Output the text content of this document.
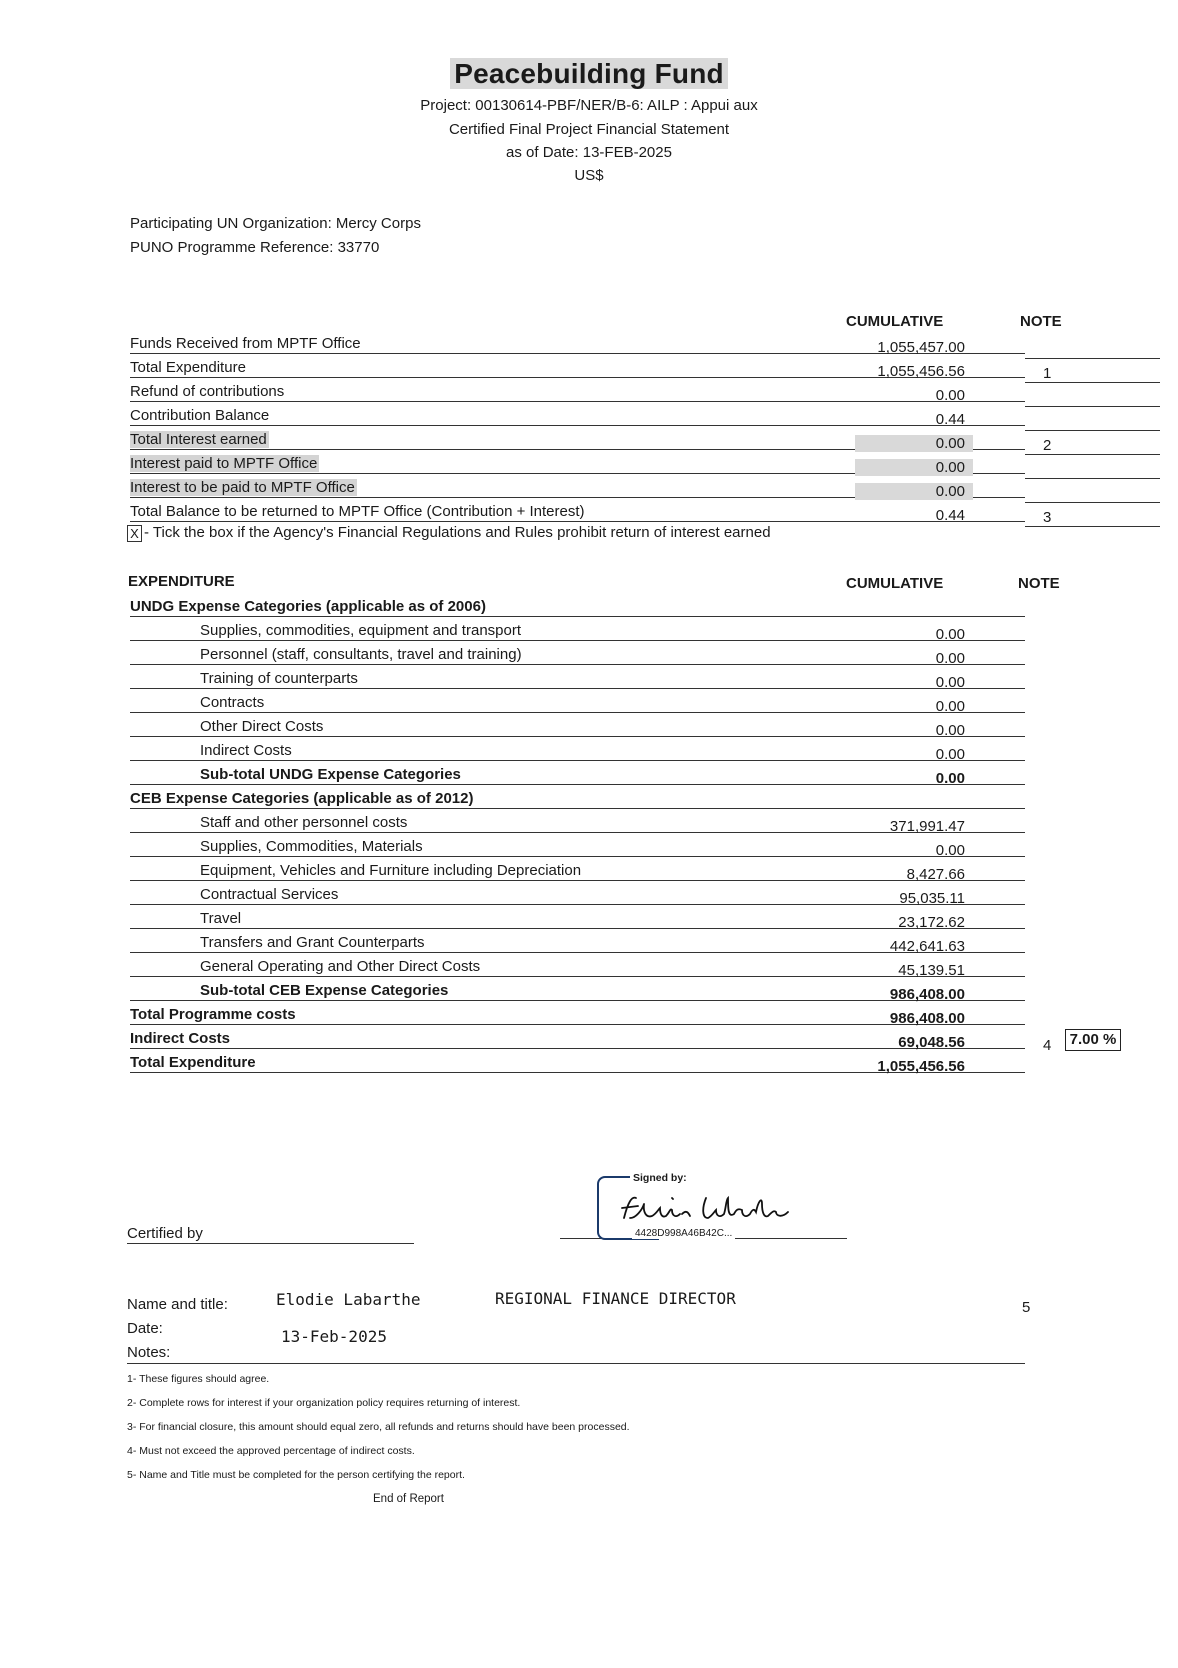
Peacebuilding Fund
Project: 00130614-PBF/NER/B-6: AILP : Appui aux
Certified Final Project Financial Statement
as of Date: 13-FEB-2025
US$
Participating UN Organization: Mercy Corps
PUNO Programme Reference: 33770
CUMULATIVE	NOTE
Funds Received from MPTF Office	1,055,457.00
Total Expenditure	1,055,456.56	1
Refund of contributions	0.00
Contribution Balance	0.44
Total Interest earned	0.00	2
Interest paid to MPTF Office	0.00
Interest to be paid to MPTF Office	0.00
Total Balance to be returned to MPTF Office (Contribution + Interest)	0.44	3
X - Tick the box if the Agency's Financial Regulations and Rules prohibit return of interest earned
EXPENDITURE	CUMULATIVE	NOTE
UNDG Expense Categories (applicable as of 2006)
Supplies, commodities, equipment and transport	0.00
Personnel (staff, consultants, travel and training)	0.00
Training of counterparts	0.00
Contracts	0.00
Other Direct Costs	0.00
Indirect Costs	0.00
Sub-total UNDG Expense Categories	0.00
CEB Expense Categories (applicable as of 2012)
Staff and other personnel costs	371,991.47
Supplies, Commodities, Materials	0.00
Equipment, Vehicles and Furniture including Depreciation	8,427.66
Contractual Services	95,035.11
Travel	23,172.62
Transfers and Grant Counterparts	442,641.63
General Operating and Other Direct Costs	45,139.51
Sub-total CEB Expense Categories	986,408.00
Total Programme costs	986,408.00
Indirect Costs	69,048.56	4
Total Expenditure	1,055,456.56
7.00 %
Certified by
Signed by:
4428D998A46B42C...
Name and title:	Elodie Labarthe	REGIONAL FINANCE DIRECTOR	5
Date:	13-Feb-2025
Notes:
1- These figures should agree.
2- Complete rows for interest if your organization policy requires returning of interest.
3- For financial closure, this amount should equal zero, all refunds and returns should have been processed.
4- Must not exceed the approved percentage of indirect costs.
5- Name and Title must be completed for the person certifying the report.
End of Report
